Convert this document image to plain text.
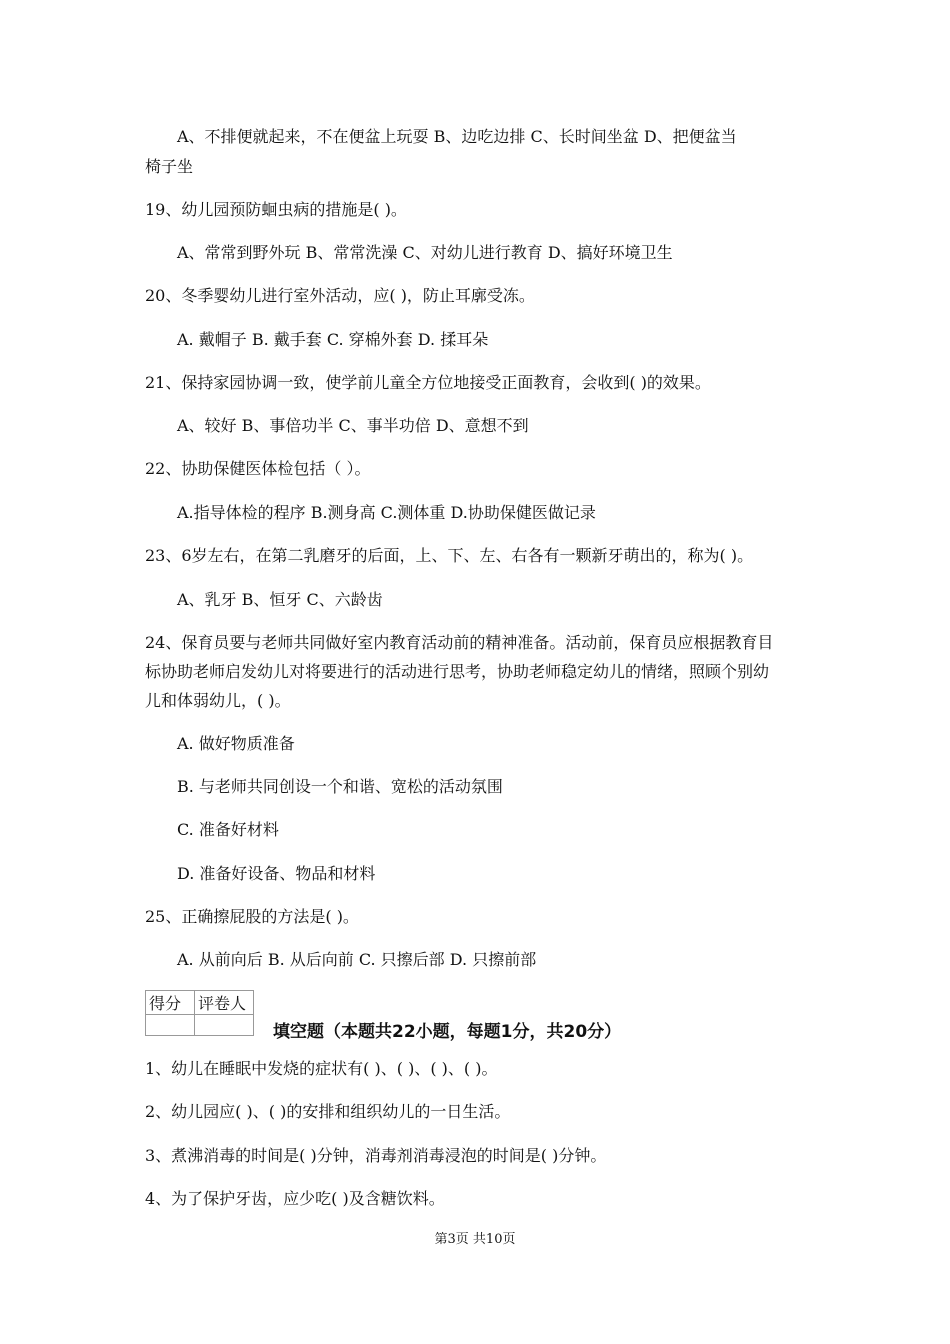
A、不排便就起来，不在便盆上玩耍 B、边吃边排 C、长时间坐盆 D、把便盆当
椅子坐
19、幼儿园预防蛔虫病的措施是( )。
A、常常到野外玩 B、常常洗澡 C、对幼儿进行教育 D、搞好环境卫生
20、冬季婴幼儿进行室外活动，应( )，防止耳廓受冻。
A. 戴帽子 B. 戴手套 C. 穿棉外套 D. 揉耳朵
21、保持家园协调一致，使学前儿童全方位地接受正面教育，会收到( )的效果。
A、较好 B、事倍功半 C、事半功倍 D、意想不到
22、协助保健医体检包括（ ）。
A.指导体检的程序 B.测身高 C.测体重 D.协助保健医做记录
23、6岁左右，在第二乳磨牙的后面，上、下、左、右各有一颗新牙萌出的，称为( )。
A、乳牙 B、恒牙 C、六龄齿
24、保育员要与老师共同做好室内教育活动前的精神准备。活动前，保育员应根据教育目
标协助老师启发幼儿对将要进行的活动进行思考，协助老师稳定幼儿的情绪，照顾个别幼
儿和体弱幼儿，( )。
A. 做好物质准备
B. 与老师共同创设一个和谐、宽松的活动氛围
C. 准备好材料
D. 准备好设备、物品和材料
25、正确擦屁股的方法是( )。
A. 从前向后 B. 从后向前 C. 只擦后部 D. 只擦前部
得分	评卷人

填空题（本题共22小题，每题1分，共20分）
1、幼儿在睡眠中发烧的症状有( )、( )、( )、( )。
2、幼儿园应( )、( )的安排和组织幼儿的一日生活。
3、煮沸消毒的时间是( )分钟，消毒剂消毒浸泡的时间是( )分钟。
4、为了保护牙齿，应少吃( )及含糖饮料。
第3页 共10页
